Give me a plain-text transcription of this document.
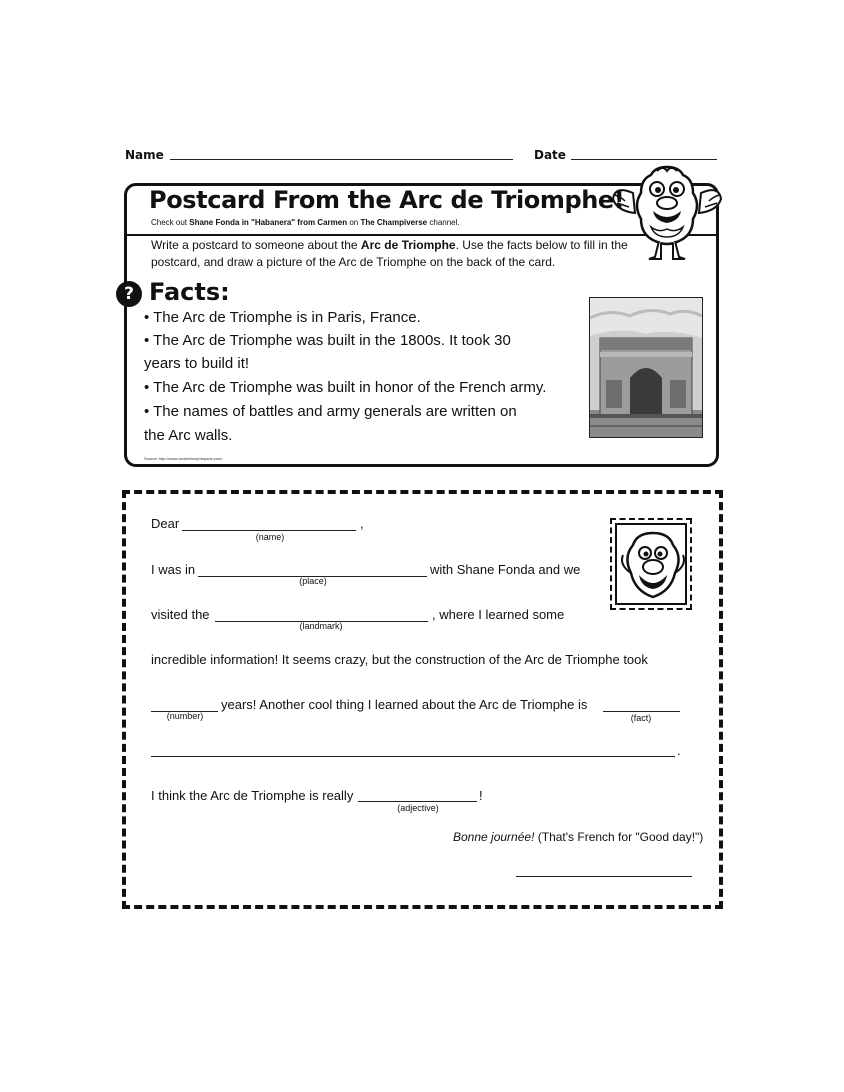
Name	Date
Postcard From the Arc de Triomphe!
Check out Shane Fonda in "Habanera" from Carmen on The Champiverse channel.
Write a postcard to someone about the Arc de Triomphe. Use the facts below to fill in the postcard, and draw a picture of the Arc de Triomphe on the back of the card.
? Facts:
• The Arc de Triomphe is in Paris, France.
• The Arc de Triomphe was built in the 1800s. It took 30
years to build it!
• The Arc de Triomphe was built in honor of the French army.
• The names of battles and army generals are written on
the Arc walls.
Source: http://www.arcdetriompheparis.com/
Dear	,
(name)
I was in	with Shane Fonda and we
(place)
visited the	, where I learned some
(landmark)
incredible information! It seems crazy, but the construction of the Arc de Triomphe took
years! Another cool thing I learned about the Arc de Triomphe is
(number)	(fact)
.
I think the Arc de Triomphe is really	!
(adjective)
Bonne journée! (That's French for "Good day!")
